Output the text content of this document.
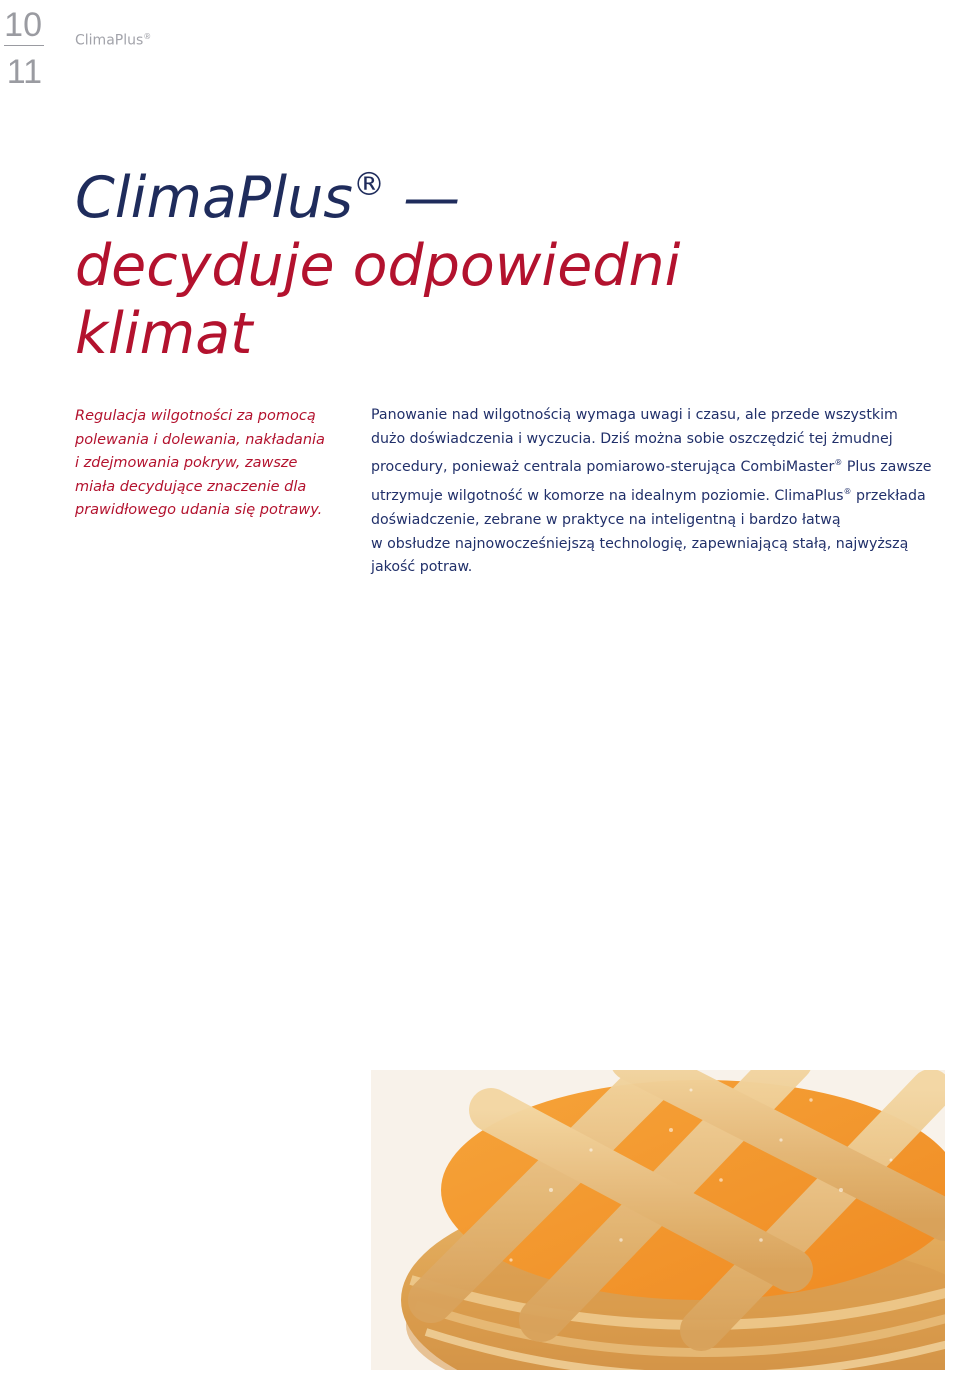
10
11
ClimaPlus®
ClimaPlus® —
decyduje odpowiedni
klimat
Regulacja wilgotności za pomocą
polewania i dolewania, nakładania
i zdejmowania pokryw, zawsze
miała decydujące znaczenie dla
prawidłowego udania się potrawy.
Panowanie nad wilgotnością wymaga uwagi i czasu, ale przede wszystkim
dużo doświadczenia i wyczucia. Dziś można sobie oszczędzić tej żmudnej
procedury, ponieważ centrala pomiarowo-sterująca CombiMaster® Plus zawsze
utrzymuje wilgotność w komorze na idealnym poziomie. ClimaPlus® przekłada
doświadczenie, zebrane w praktyce na inteligentną i bardzo łatwą
w obsłudze najnowocześniejszą technologię, zapewniającą stałą, najwyższą
jakość potraw.
